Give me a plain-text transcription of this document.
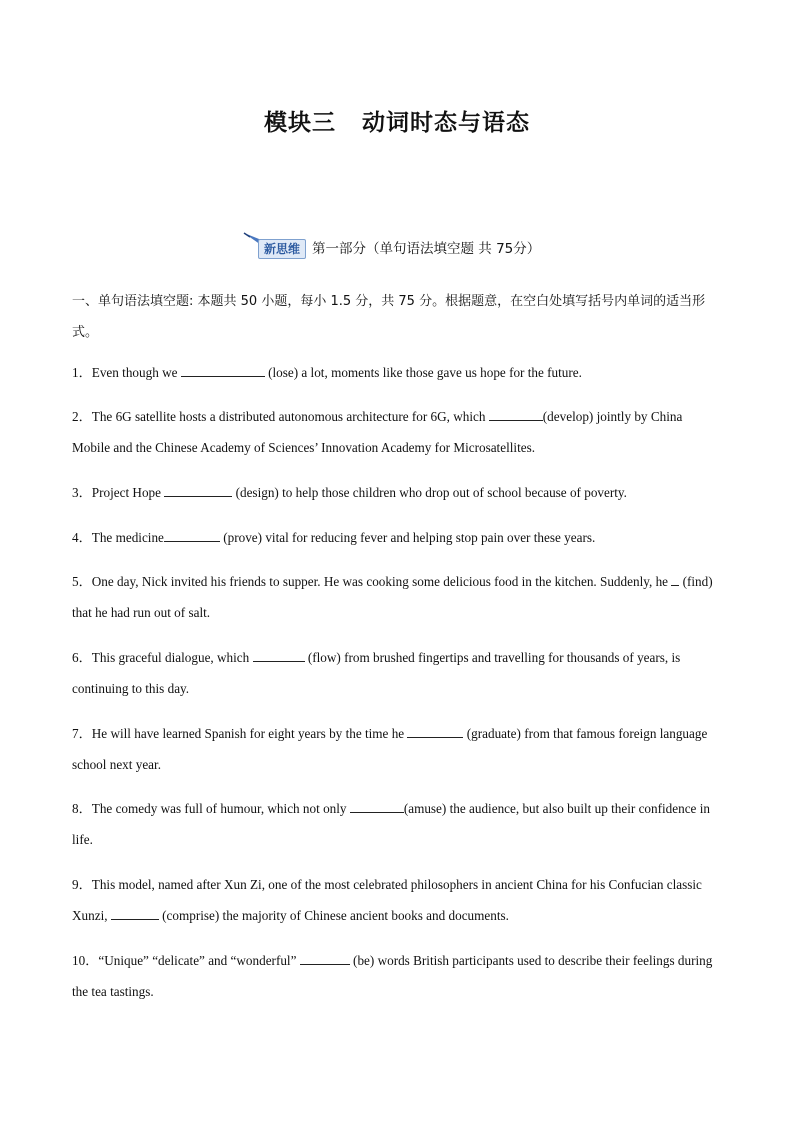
模块三 动词时态与语态
新思维 第一部分（单句语法填空题 共 75分）
一、单句语法填空题: 本题共 50 小题，每小 1.5 分，共 75 分。根据题意，在空白处填写括号内单词的适当形式。
1．Even though we	(lose) a lot, moments like those gave us hope for the future.
2．The 6G satellite hosts a distributed autonomous architecture for 6G, which	(develop) jointly by China Mobile and the Chinese Academy of Sciences’ Innovation Academy for Microsatellites.
3．Project Hope	(design) to help those children who drop out of school because of poverty.
4．The medicine	(prove) vital for reducing fever and helping stop pain over these years.
5．One day, Nick invited his friends to supper. He was cooking some delicious food in the kitchen. Suddenly, he  (find) that he had run out of salt.
6．This graceful dialogue, which	(flow) from brushed fingertips and travelling for thousands of years, is continuing to this day.
7．He will have learned Spanish for eight years by the time he	(graduate) from that famous foreign language school next year.
8．The comedy was full of humour, which not only	(amuse) the audience, but also built up their confidence in life.
9．This model, named after Xun Zi, one of the most celebrated philosophers in ancient China for his Confucian classic Xunzi,	(comprise) the majority of Chinese ancient books and documents.
10．“Unique” “delicate” and “wonderful”	(be) words British participants used to describe their feelings during the tea tastings.
